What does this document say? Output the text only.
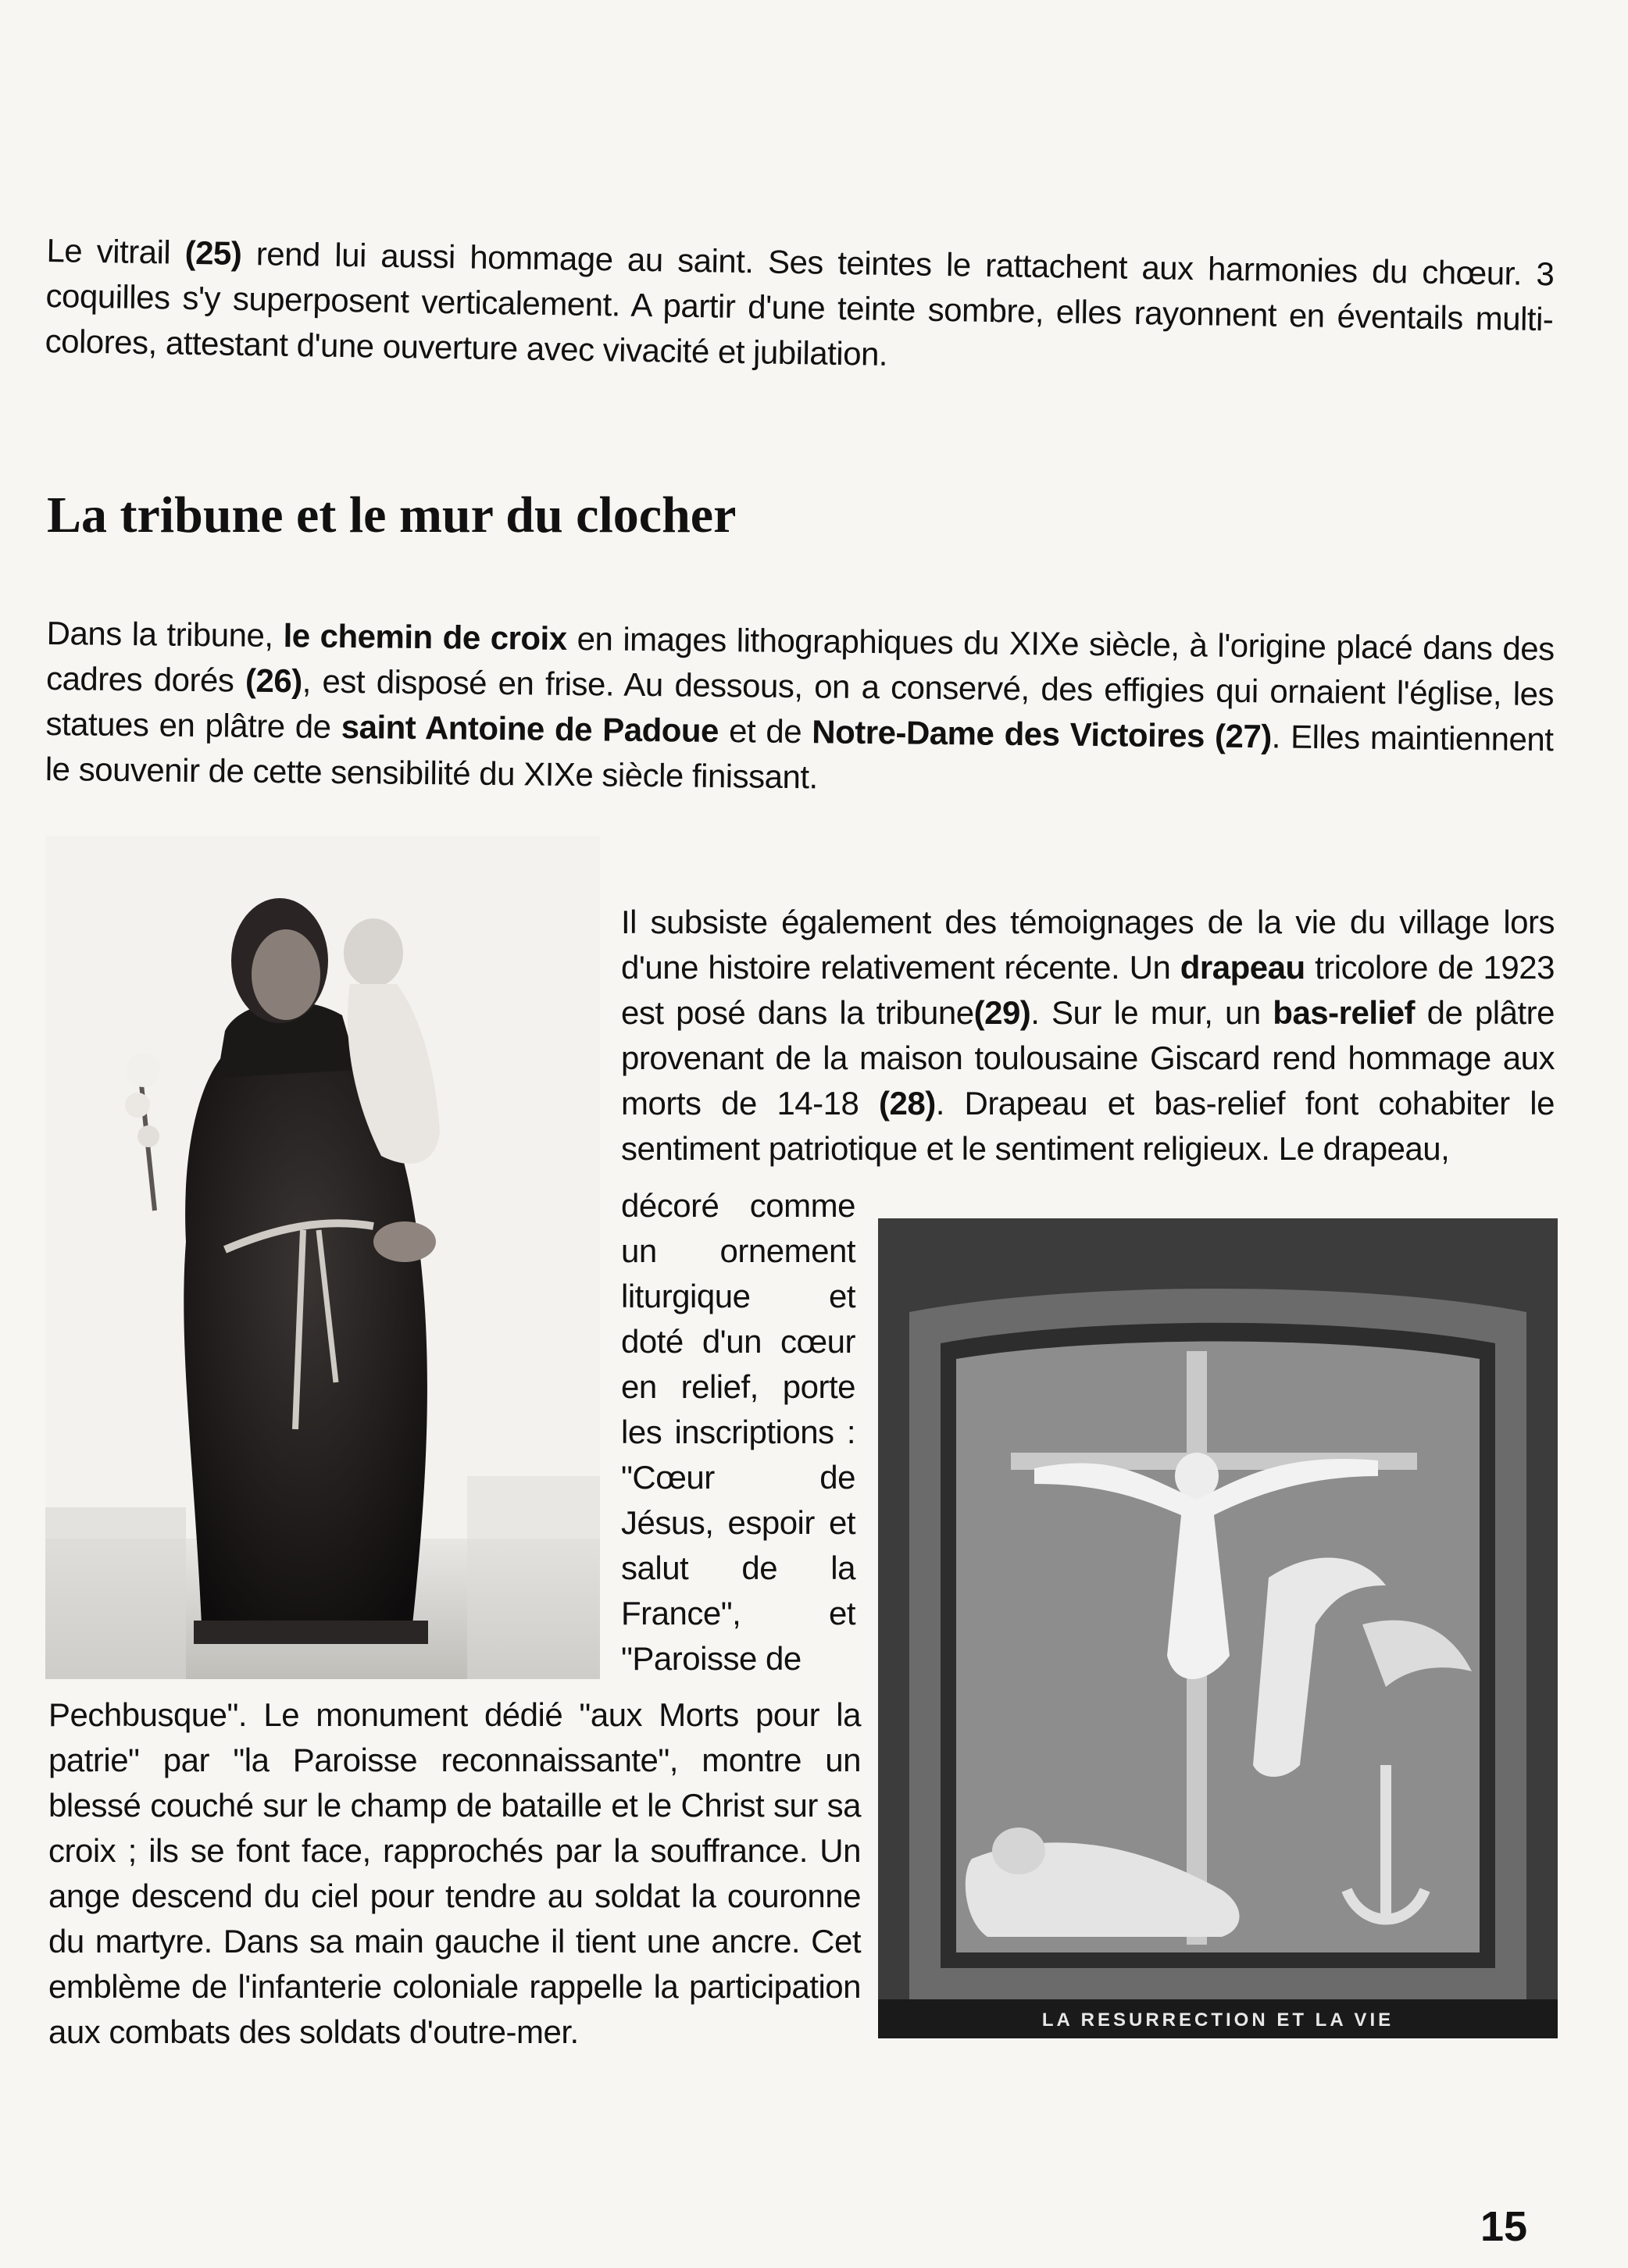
Le vitrail (25) rend lui aussi hommage au saint. Ses teintes le rattachent aux harmonies du chœur. 3 coquilles s'y superposent verticalement. A partir d'une teinte sombre, elles rayonnent en éventails multi-colores, attestant d'une ouverture avec vivacité et jubilation.
La tribune et le mur du clocher
Dans la tribune, le chemin de croix en images lithographiques du XIXe siècle, à l'origine placé dans des cadres dorés (26), est disposé en frise. Au dessous, on a conservé, des effigies qui ornaient l'église, les statues en plâtre de saint Antoine de Padoue et de Notre-Dame des Victoires (27). Elles maintiennent le souvenir de cette sensibilité du XIXe siècle finissant.
Il subsiste également des témoignages de la vie du village lors d'une histoire relativement récente. Un drapeau tricolore de 1923 est posé dans la tribune(29). Sur le mur, un bas-relief de plâtre provenant de la maison toulousaine Giscard rend hommage aux morts de 14-18 (28). Drapeau et bas-relief font cohabiter le sentiment patriotique et le sentiment religieux. Le drapeau,
décoré comme un ornement liturgique et doté d'un cœur en relief, porte les inscriptions : "Cœur de Jésus, espoir et salut de la France", et "Paroisse de
LA RESURRECTION ET LA VIE
Pechbusque". Le monument dédié "aux Morts pour la patrie" par "la Paroisse reconnaissante", montre un blessé couché sur le champ de bataille et le Christ sur sa croix ; ils se font face, rapprochés par la souffrance. Un ange descend du ciel pour tendre au soldat la couronne du martyre. Dans sa main gauche il tient une ancre. Cet emblème de l'infanterie coloniale rappelle la participation aux combats des soldats d'outre-mer.
15
